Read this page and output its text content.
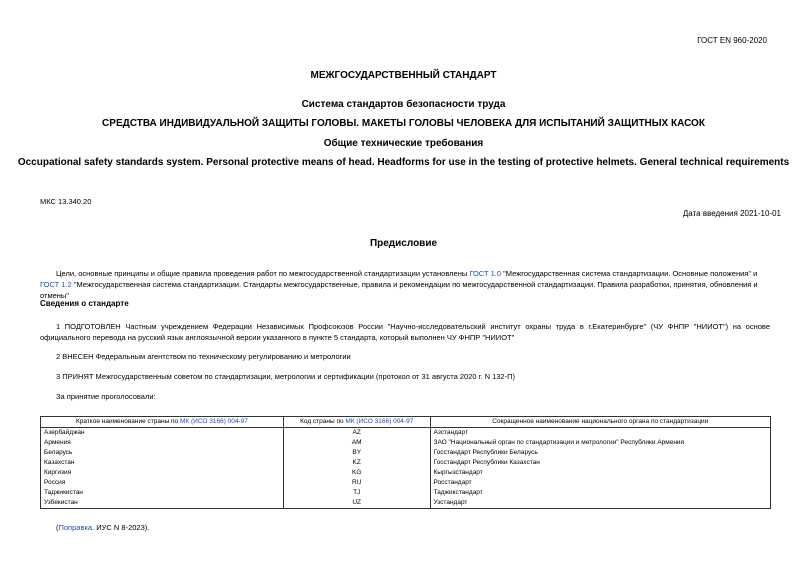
ГОСТ EN 960-2020
МЕЖГОСУДАРСТВЕННЫЙ СТАНДАРТ
Система стандартов безопасности труда
СРЕДСТВА ИНДИВИДУАЛЬНОЙ ЗАЩИТЫ ГОЛОВЫ. МАКЕТЫ ГОЛОВЫ ЧЕЛОВЕКА ДЛЯ ИСПЫТАНИЙ ЗАЩИТНЫХ КАСОК
Общие технические требования
Occupational safety standards system. Personal protective means of head. Headforms for use in the testing of protective helmets. General technical requirements
МКС 13.340.20
Дата введения 2021-10-01
Предисловие
Цели, основные принципы и общие правила проведения работ по межгосударственной стандартизации установлены ГОСТ 1.0 "Межгосударственная система стандартизации. Основные положения" и ГОСТ 1.2 "Межгосударственная система стандартизации. Стандарты межгосударственные, правила и рекомендации по межгосударственной стандартизации. Правила разработки, принятия, обновления и отмены"
Сведения о стандарте
1 ПОДГОТОВЛЕН Частным учреждением Федерации Независимых Профсоюзов России "Научно-исследовательский институт охраны труда в г.Екатеринбурге" (ЧУ ФНПР "НИИОТ") на основе официального перевода на русский язык англоязычной версии указанного в пункте 5 стандарта, который выполнен ЧУ ФНПР "НИИОТ"
2 ВНЕСЕН Федеральным агентством по техническому регулированию и метрологии
3 ПРИНЯТ Межгосударственным советом по стандартизации, метрологии и сертификации (протокол от 31 августа 2020 г. N 132-П)
За принятие проголосовали:
Краткое наименование страны по МК (ИСО 3166) 004-97	Код страны по МК (ИСО 3166) 004-97	Сокращенное наименование национального органа по стандартизации
Азербайджан	AZ	Азстандарт
Армения	AM	ЗАО "Национальный орган по стандартизации и метрологии" Республики Армения
Беларусь	BY	Госстандарт Республики Беларусь
Казахстан	KZ	Госстандарт Республики Казахстан
Киргизия	KG	Кыргызстандарт
Россия	RU	Росстандарт
Таджикистан	TJ	Таджикстандарт
Узбекистан	UZ	Узстандарт
(Поправка. ИУС N 8-2023).
